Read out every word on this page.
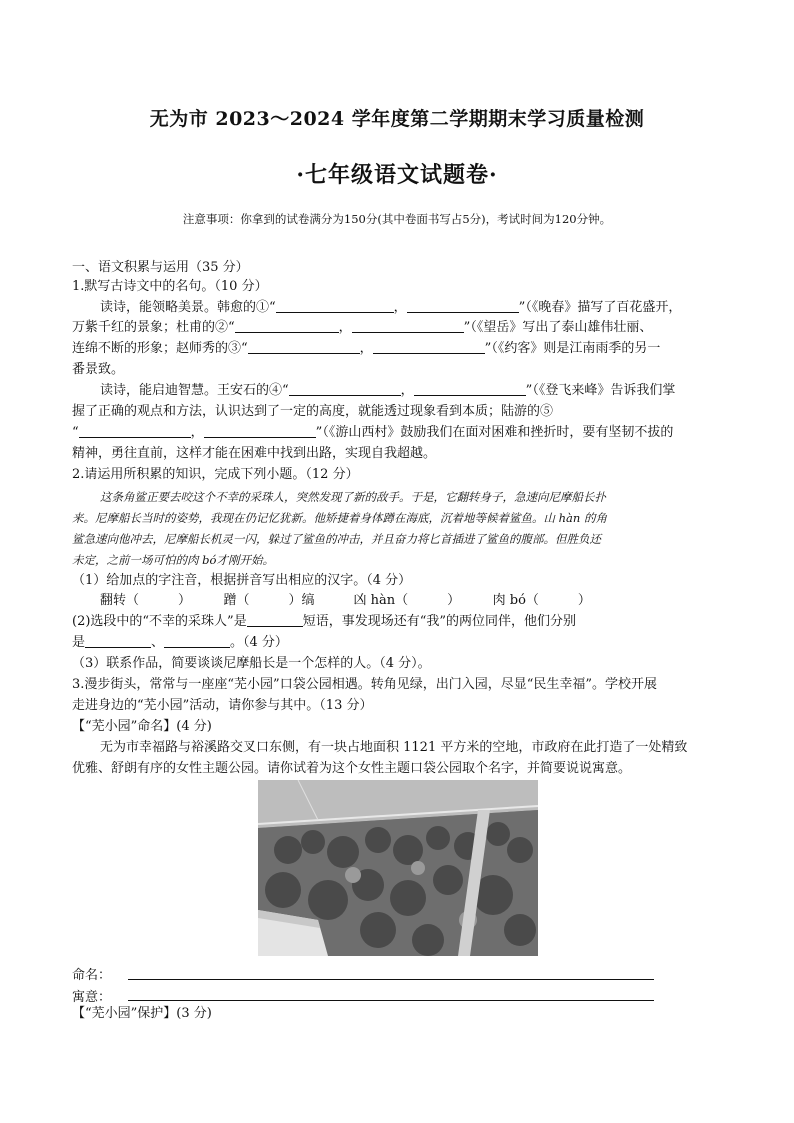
无为市 2023～2024 学年度第二学期期末学习质量检测
·七年级语文试题卷·
注意事项：你拿到的试卷满分为150分(其中卷面书写占5分)，考试时间为120分钟。
一、语文积累与运用（35 分）
1.默写古诗文中的名句。（10 分）
读诗，能领略美景。韩愈的①“	，	”（《晚春》描写了百花盛开，
万紫千红的景象；杜甫的②“	，	”（《望岳》写出了泰山雄伟壮丽、
连绵不断的形象；赵师秀的③“	，	”（《约客》则是江南雨季的另一
番景致。
读诗，能启迪智慧。王安石的④“	，	”（《登飞来峰》告诉我们掌
握了正确的观点和方法，认识达到了一定的高度，就能透过现象看到本质；陆游的⑤
“	，	”（《游山西村》鼓励我们在面对困难和挫折时，要有坚韧不拔的
精神，勇往直前，这样才能在困难中找到出路，实现自我超越。
2.请运用所积累的知识，完成下列小题。（12 分）
这条角鲨正要去咬这个不幸的采珠人，突然发现了新的敌手。于是，它翻转身子，急速向尼摩船长扑
来。尼摩船长当时的姿势，我现在仍记忆犹新。他矫捷着身体蹲在海底，沉着地等候着鲨鱼。山 hàn 的角
鲨急速向他冲去，尼摩船长机灵一闪，躲过了鲨鱼的冲击，并且奋力将匕首插进了鲨鱼的腹部。但胜负还
未定，之前一场可怕的肉 bó才刚开始。
（1）给加点的字注音，根据拼音写出相应的汉字。（4 分）
翻转（　　　）　　　蹭（　　　）缟　　　凶 hàn（　　　）　　　肉 bó（　　　）
(2)选段中的“不幸的采珠人”是	短语，事发现场还有“我”的两位同伴，他们分别
是	、	。（4 分）
（3）联系作品，简要谈谈尼摩船长是一个怎样的人。（4 分）。
3.漫步街头，常常与一座座“芜小园”口袋公园相遇。转角见绿，出门入园，尽显“民生幸福”。学校开展
走进身边的“芜小园”活动，请你参与其中。（13 分）
【“芜小园”命名】(4 分)
无为市幸福路与裕溪路交叉口东侧，有一块占地面积 1121 平方米的空地，市政府在此打造了一处精致
优雅、舒朗有序的女性主题公园。请你试着为这个女性主题口袋公园取个名字，并简要说说寓意。
命名：
寓意：
【“芜小园”保护】(3 分)
